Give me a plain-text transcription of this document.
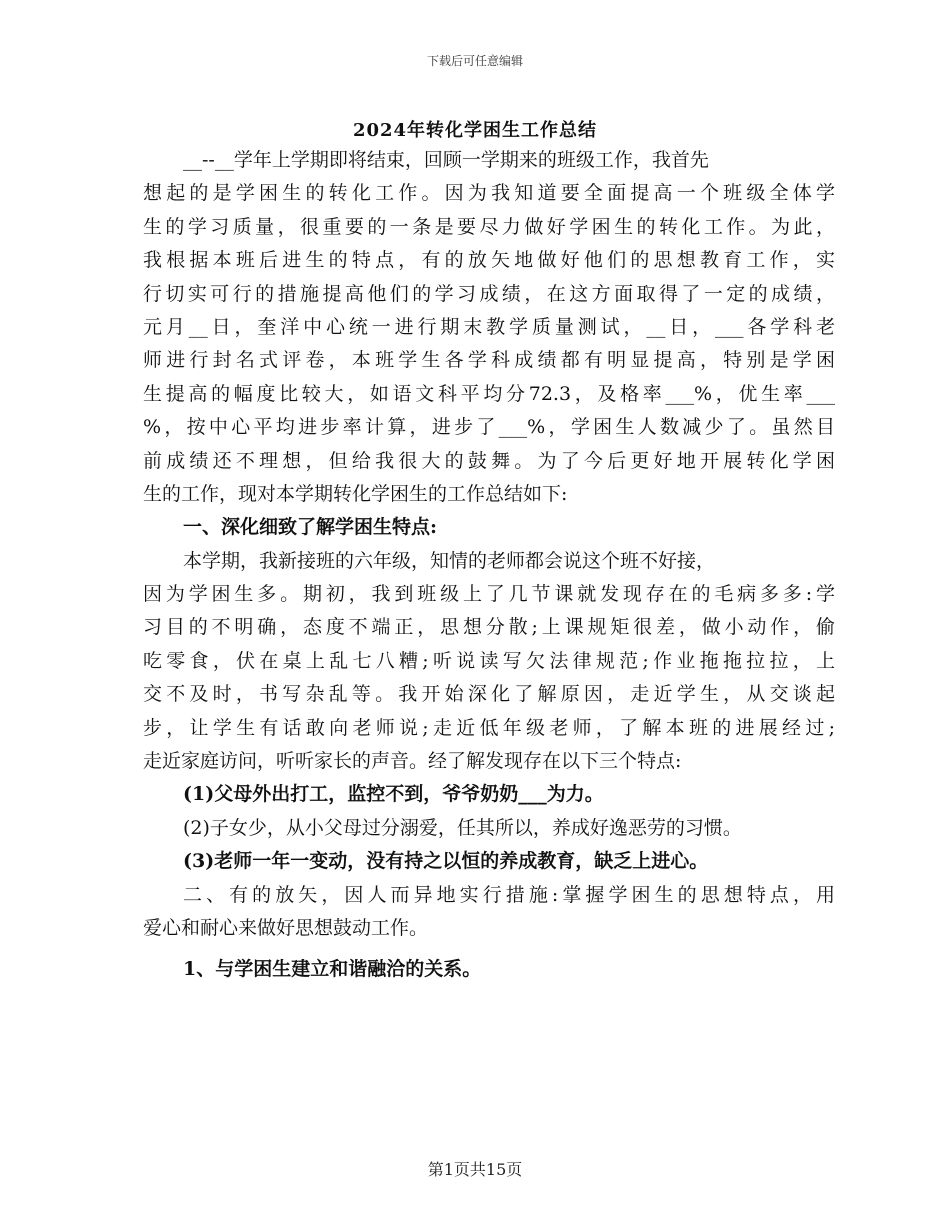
下载后可任意编辑
2024年转化学困生工作总结
__--__学年上学期即将结束，回顾一学期来的班级工作，我首先
想起的是学困生的转化工作。因为我知道要全面提高一个班级全体学
生的学习质量，很重要的一条是要尽力做好学困生的转化工作。为此，
我根据本班后进生的特点，有的放矢地做好他们的思想教育工作，实
行切实可行的措施提高他们的学习成绩，在这方面取得了一定的成绩，
元月__日，奎洋中心统一进行期末教学质量测试，__日，___各学科老
师进行封名式评卷，本班学生各学科成绩都有明显提高，特别是学困
生提高的幅度比较大，如语文科平均分72.3，及格率___%，优生率___
%，按中心平均进步率计算，进步了___%，学困生人数减少了。虽然目
前成绩还不理想，但给我很大的鼓舞。为了今后更好地开展转化学困
生的工作，现对本学期转化学困生的工作总结如下:
一、深化细致了解学困生特点:
本学期，我新接班的六年级，知情的老师都会说这个班不好接，
因为学困生多。期初，我到班级上了几节课就发现存在的毛病多多:学
习目的不明确，态度不端正，思想分散;上课规矩很差，做小动作，偷
吃零食，伏在桌上乱七八糟;听说读写欠法律规范;作业拖拖拉拉，上
交不及时，书写杂乱等。我开始深化了解原因，走近学生，从交谈起
步，让学生有话敢向老师说;走近低年级老师，了解本班的进展经过;
走近家庭访问，听听家长的声音。经了解发现存在以下三个特点:
(1)父母外出打工，监控不到，爷爷奶奶___为力。
(2)子女少，从小父母过分溺爱，任其所以，养成好逸恶劳的习惯。
(3)老师一年一变动，没有持之以恒的养成教育，缺乏上进心。
二、有的放矢，因人而异地实行措施:掌握学困生的思想特点，用
爱心和耐心来做好思想鼓动工作。
1、与学困生建立和谐融洽的关系。
第1页共15页
